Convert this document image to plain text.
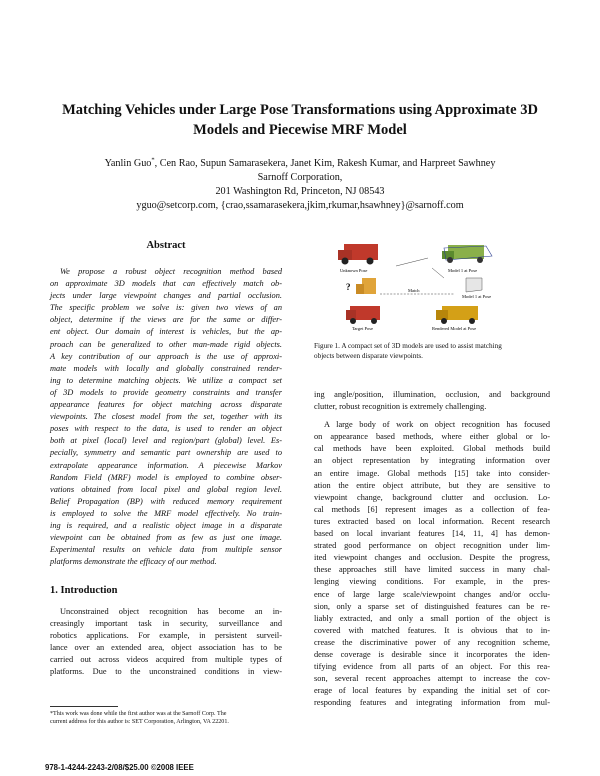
Matching Vehicles under Large Pose Transformations using Approximate 3D
Models and Piecewise MRF Model
Yanlin Guo*, Cen Rao, Supun Samarasekera, Janet Kim, Rakesh Kumar, and Harpreet Sawhney
Sarnoff Corporation,
201 Washington Rd, Princeton, NJ 08543
yguo@setcorp.com, {crao,ssamarasekera,jkim,rkumar,hsawhney}@sarnoff.com
Abstract
We propose a robust object recognition method based
on approximate 3D models that can effectively match ob-
jects under large viewpoint changes and partial occlusion.
The specific problem we solve is: given two views of an
object, determine if the views are for the same or differ-
ent object. Our domain of interest is vehicles, but the ap-
proach can be generalized to other man-made rigid objects.
A key contribution of our approach is the use of approxi-
mate models with locally and globally constrained render-
ing to determine matching objects. We utilize a compact set
of 3D models to provide geometry constraints and transfer
appearance features for object matching across disparate
viewpoints. The closest model from the set, together with its
poses with respect to the data, is used to render an object
both at pixel (local) level and region/part (global) level. Es-
pecially, symmetry and semantic part ownership are used to
extrapolate appearance information. A piecewise Markov
Random Field (MRF) model is employed to combine obser-
vations obtained from local pixel and global region level.
Belief Propagation (BP) with reduced memory requirement
is employed to solve the MRF model effectively. No train-
ing is required, and a realistic object image in a disparate
viewpoint can be obtained from as few as just one image.
Experimental results on vehicle data from multiple sensor
platforms demonstrate the efficacy of our method.
1. Introduction
Unconstrained object recognition has become an in-
creasingly important task in security, surveillance and
robotics applications. For example, in persistent surveil-
lance over an extended area, object association has to be
carried out across videos acquired from multiple types of
platforms. Due to the unconstrained conditions in view-
*This work was done while the first author was at the Sarnoff Corp. The
current address for this author is: SET Corporation, Arlington, VA 22201.
978-1-4244-2243-2/08/$25.00 ©2008 IEEE
Unknown Pose	Model 1 at Pose
?	Match
Model 1 at Pose
Target Pose	Rendered Model at Pose
Figure 1. A compact set of 3D models are used to assist matching
objects between disparate viewpoints.
ing angle/position, illumination, occlusion, and background
clutter, robust recognition is extremely challenging.
A large body of work on object recognition has focused
on appearance based methods, where either global or lo-
cal methods have been exploited. Global methods build
an object representation by integrating information over
an entire image. Global methods [15] take into consider-
ation the entire object attribute, but they are sensitive to
viewpoint change, background clutter and occlusion. Lo-
cal methods [6] represent images as a collection of fea-
tures extracted based on local information. Recent research
based on local invariant features [14, 11, 4] has demon-
strated good performance on object recognition under lim-
ited viewpoint changes and occlusion. Despite the progress,
these approaches still have limited success in many chal-
lenging viewing conditions. For example, in the pres-
ence of large large scale/viewpoint changes and/or occlu-
sion, only a sparse set of distinguished features can be re-
liably extracted, and only a small portion of the object is
covered with matched features. It is obvious that to in-
crease the discriminative power of any recognition scheme,
dense coverage is desirable since it incorporates the iden-
tifying evidence from all parts of an object. For this rea-
son, several recent approaches attempt to increase the cov-
erage of local features by expanding the initial set of cor-
responding features and integrating information from mul-
